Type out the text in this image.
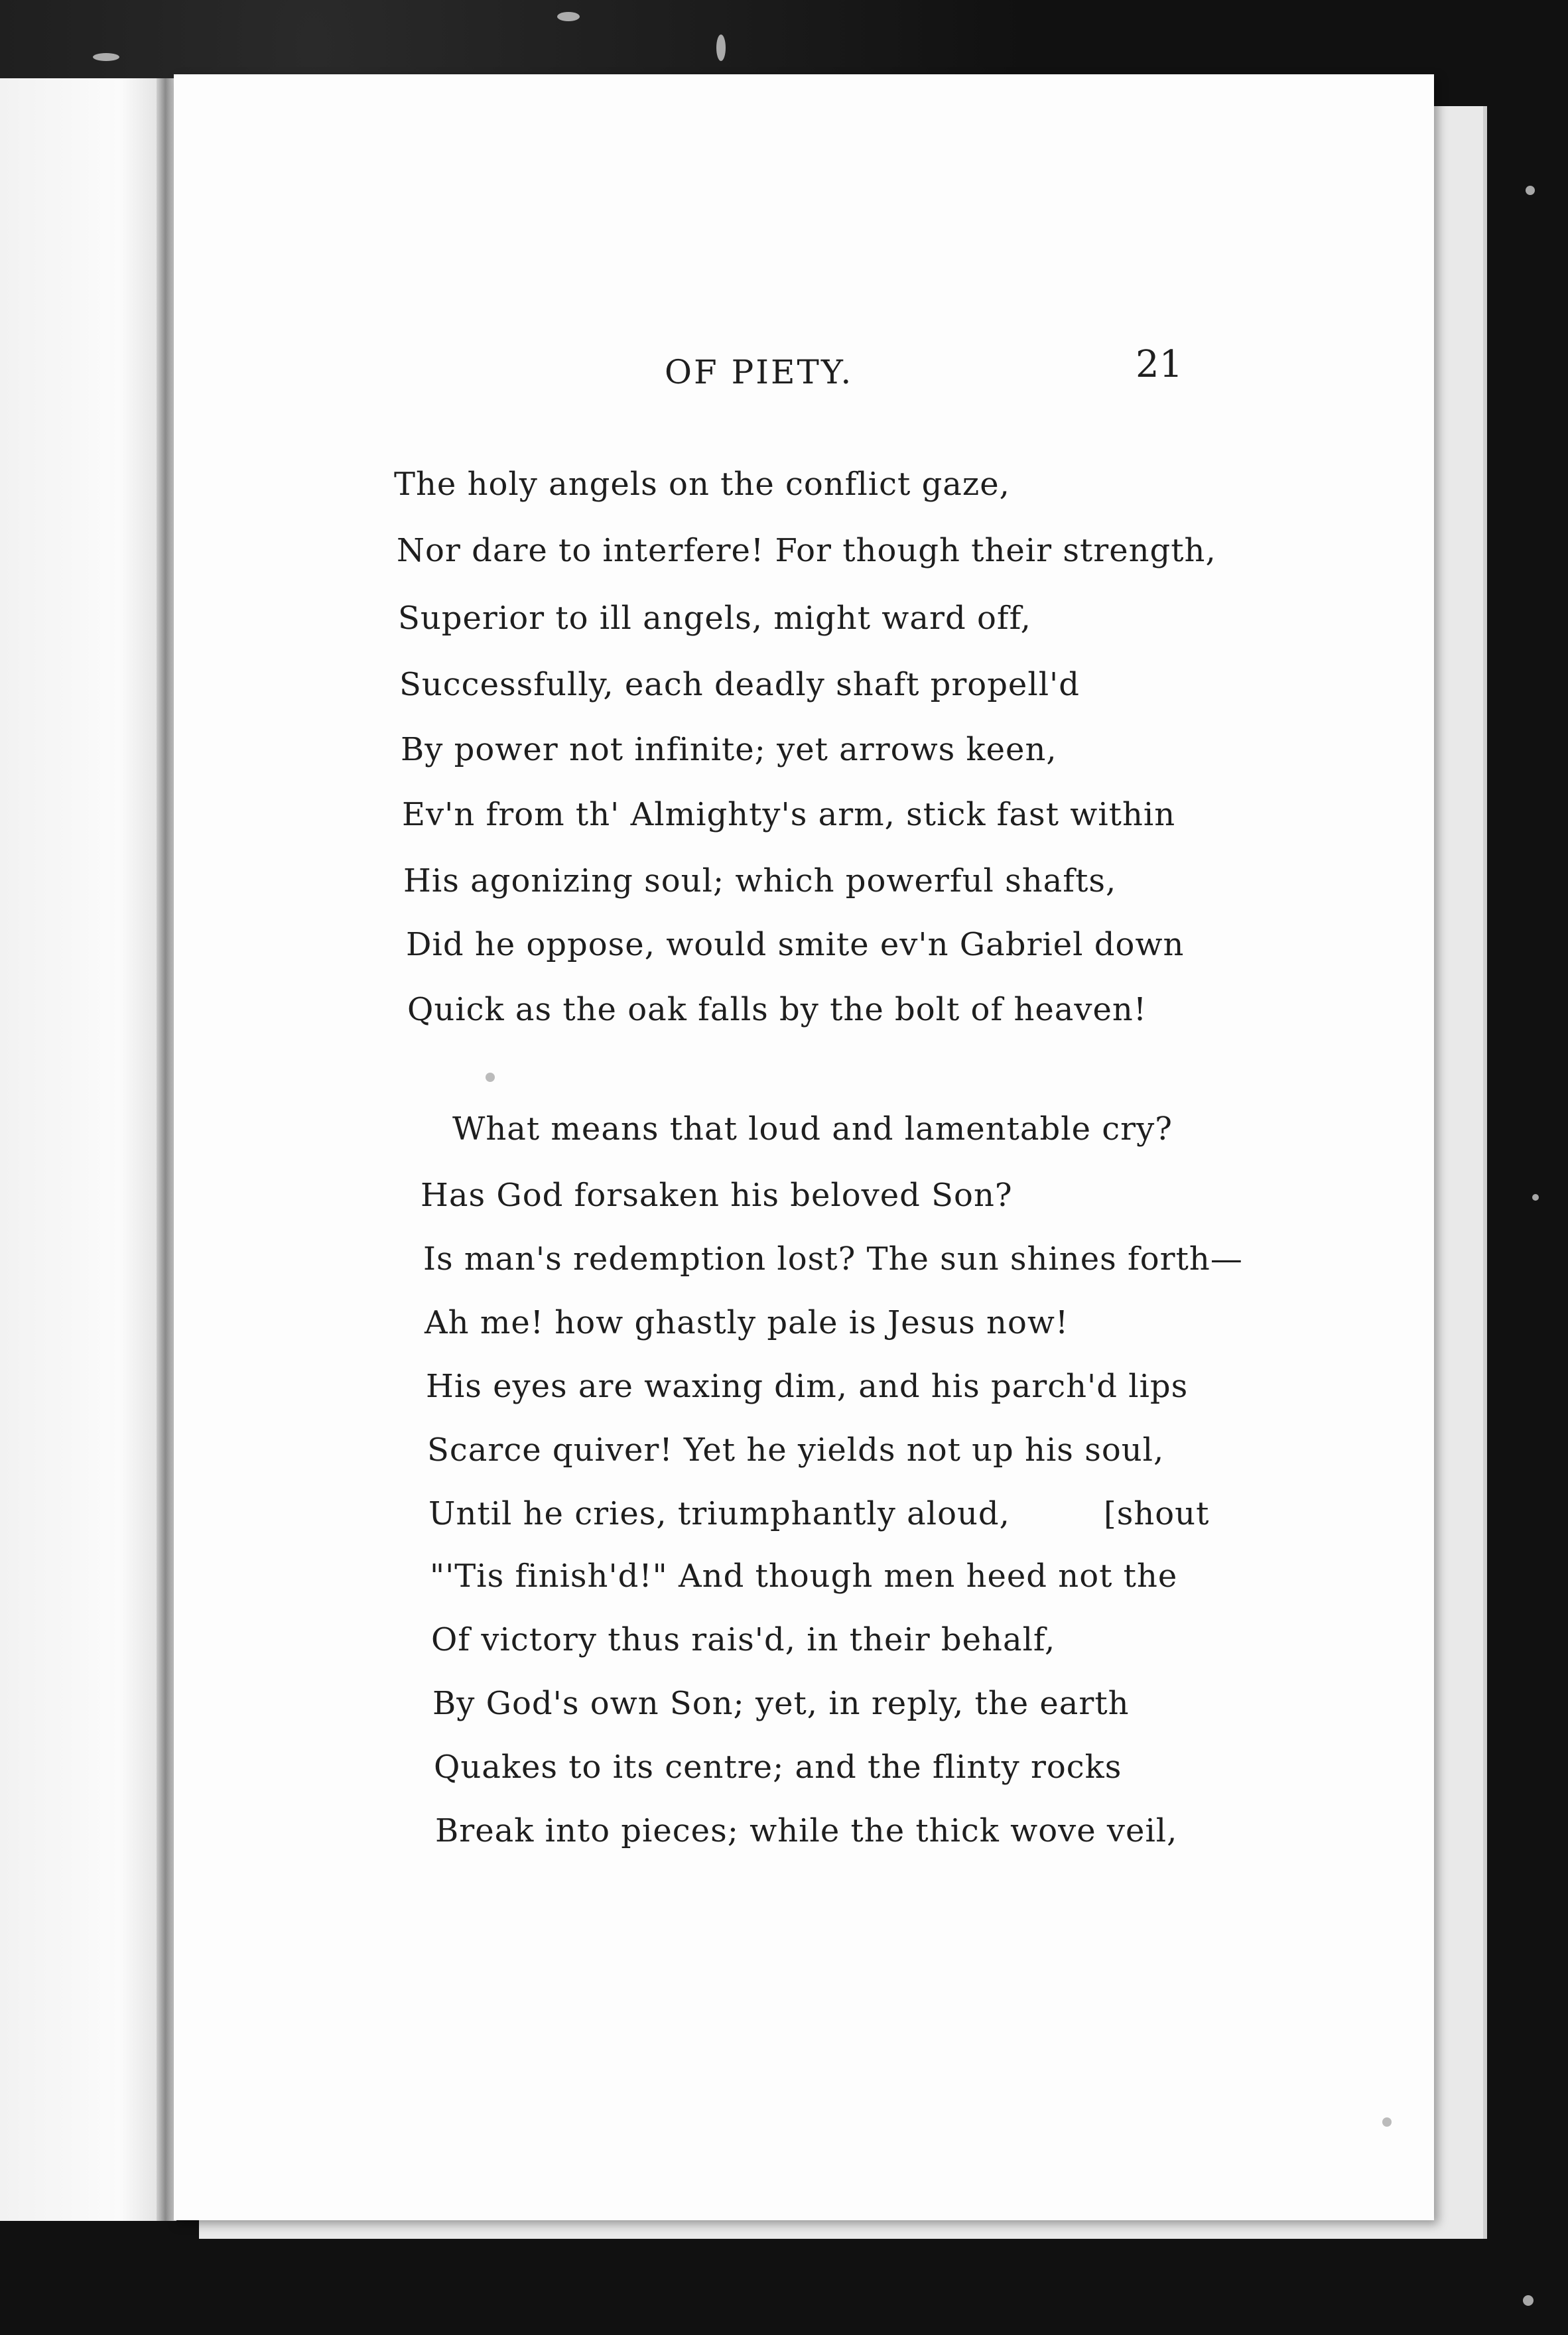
OF PIETY.	21
The holy angels on the conflict gaze,
Nor dare to interfere! For though their strength,
Superior to ill angels, might ward off,
Successfully, each deadly shaft propell'd
By power not infinite; yet arrows keen,
Ev'n from th' Almighty's arm, stick fast within
His agonizing soul; which powerful shafts,
Did he oppose, would smite ev'n Gabriel down
Quick as the oak falls by the bolt of heaven!
What means that loud and lamentable cry?
Has God forsaken his beloved Son?
Is man's redemption lost? The sun shines forth—
Ah me! how ghastly pale is Jesus now!
His eyes are waxing dim, and his parch'd lips
Scarce quiver! Yet he yields not up his soul,
Until he cries, triumphantly aloud,	[shout
"'Tis finish'd!" And though men heed not the
Of victory thus rais'd, in their behalf,
By God's own Son; yet, in reply, the earth
Quakes to its centre; and the flinty rocks
Break into pieces; while the thick wove veil,
